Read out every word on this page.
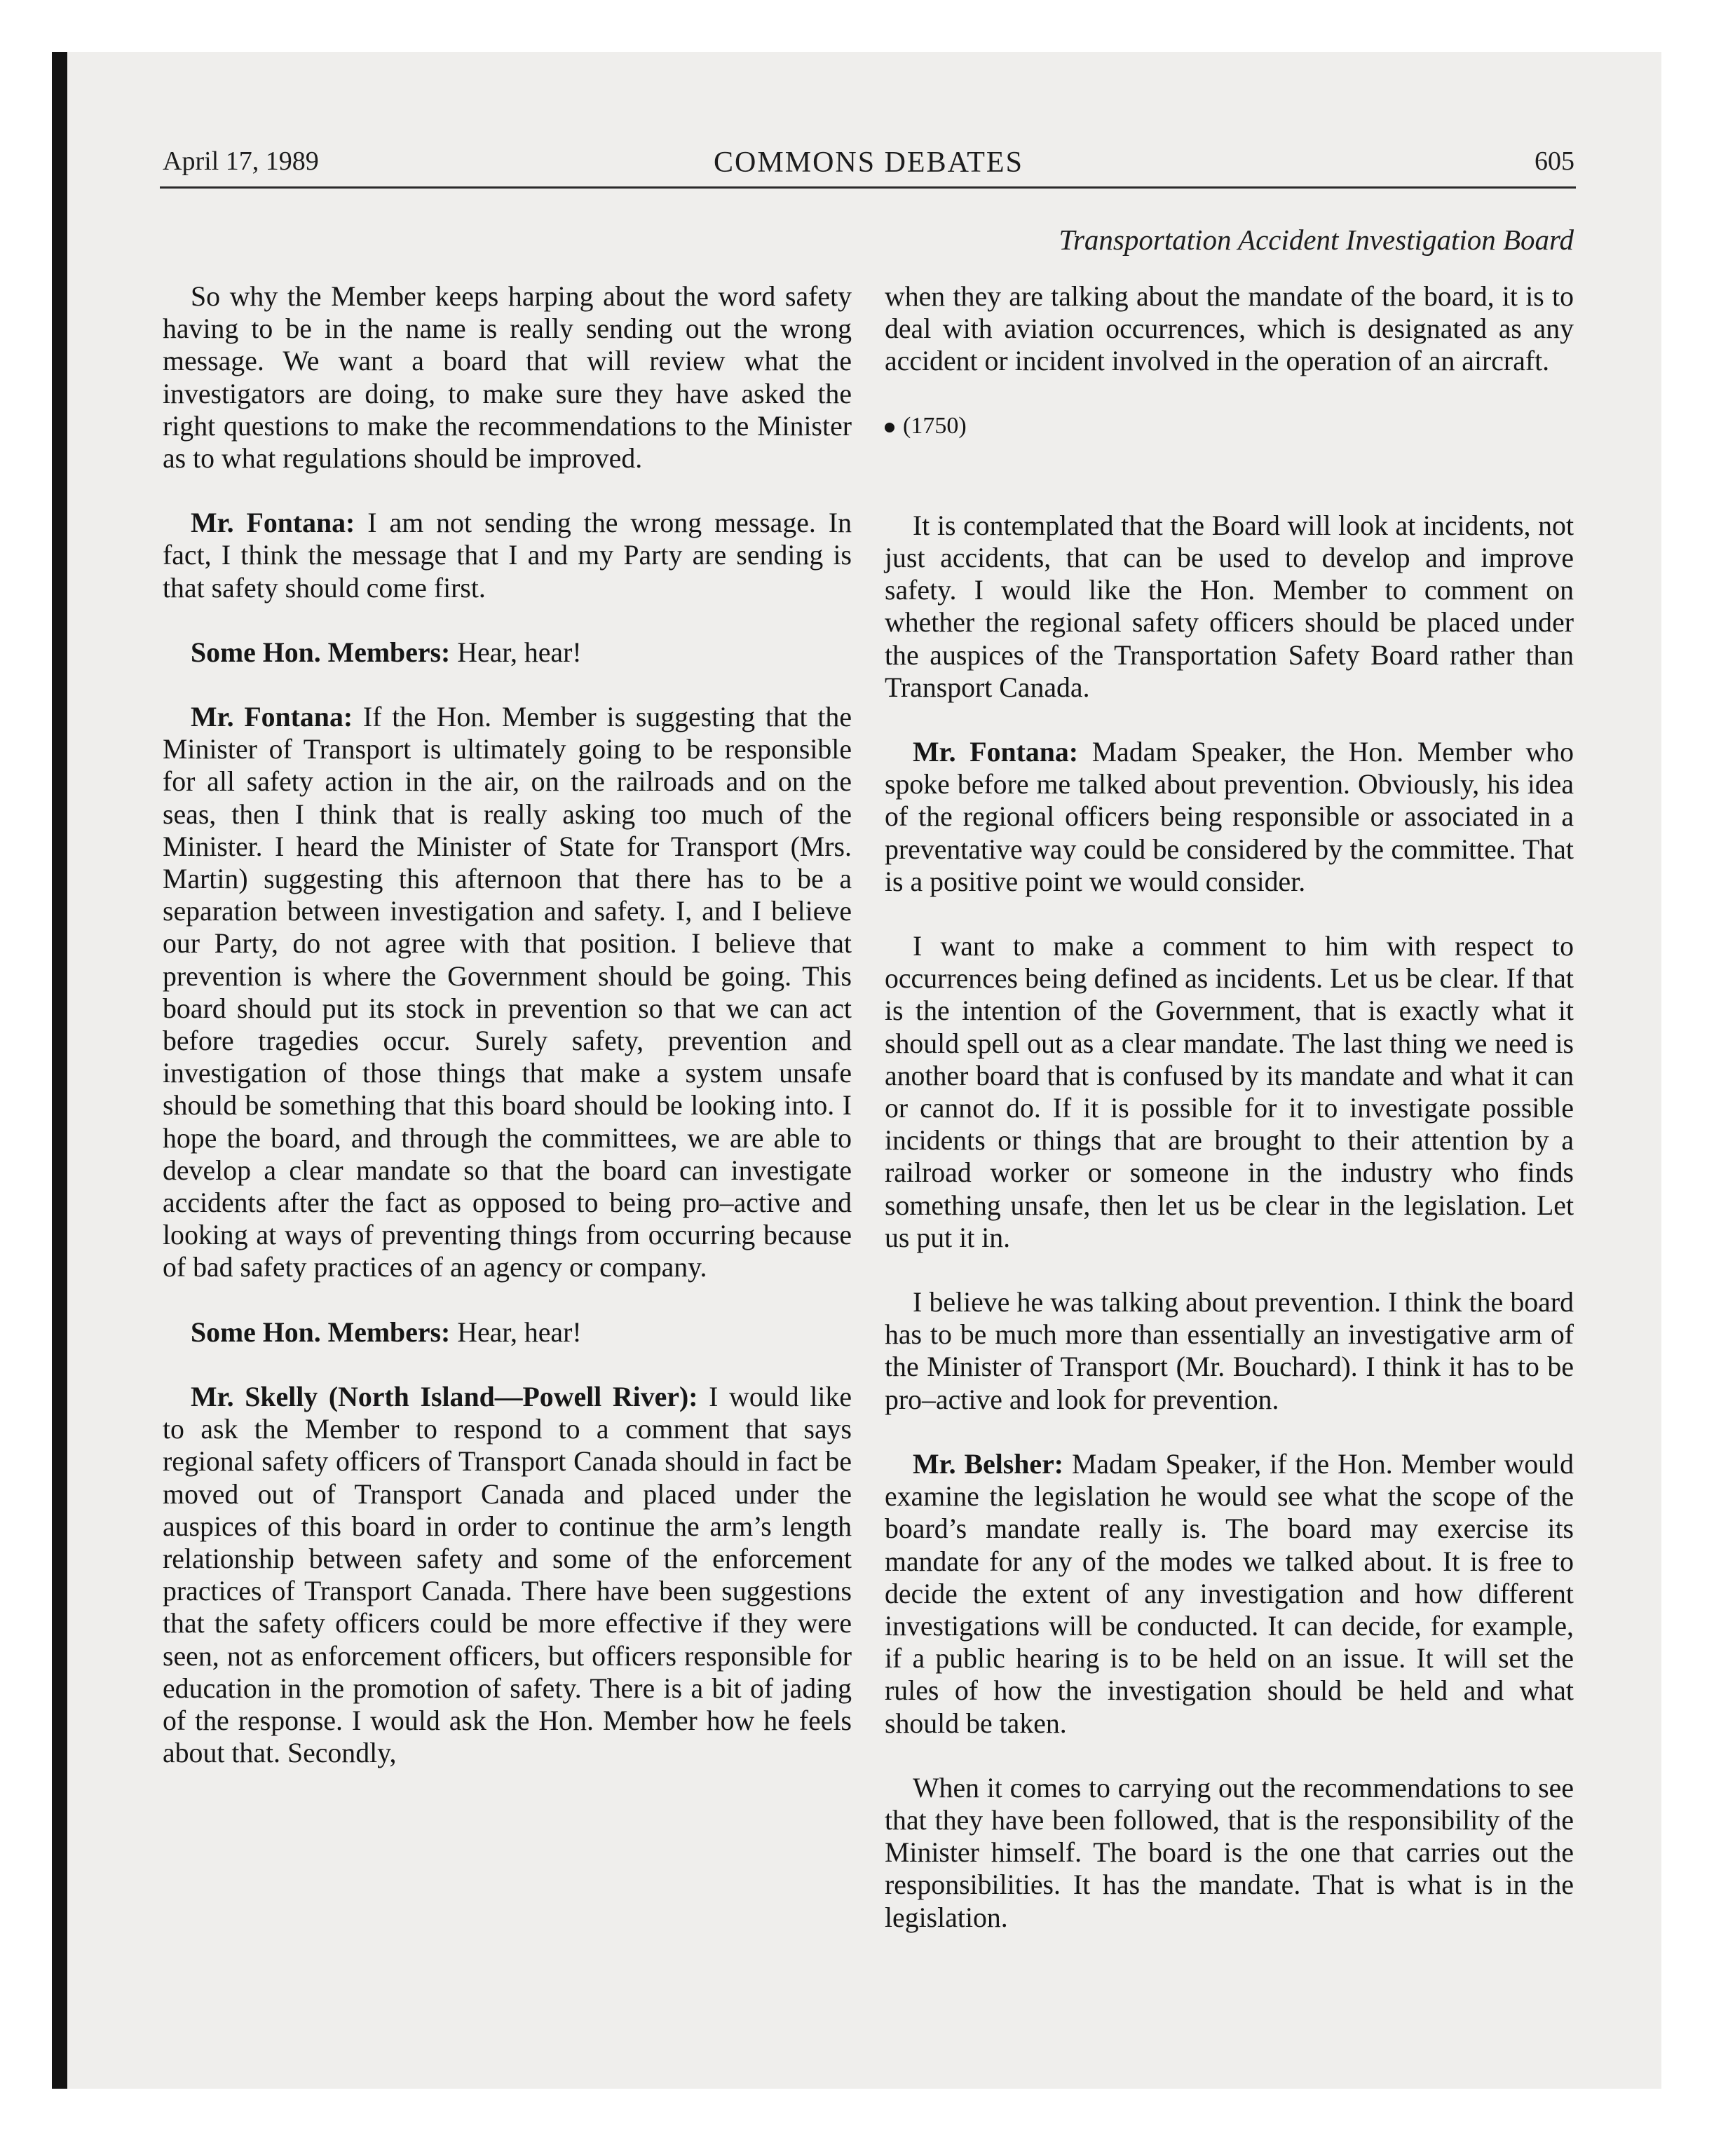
April 17, 1989	COMMONS DEBATES	605
Transportation Accident Investigation Board

So why the Member keeps harping about the word safety having to be in the name is really sending out the wrong message. We want a board that will review what the investigators are doing, to make sure they have asked the right questions to make the recommendations to the Minister as to what regulations should be improved.

Mr. Fontana: I am not sending the wrong message. In fact, I think the message that I and my Party are sending is that safety should come first.

Some Hon. Members: Hear, hear!

Mr. Fontana: If the Hon. Member is suggesting that the Minister of Transport is ultimately going to be responsible for all safety action in the air, on the railroads and on the seas, then I think that is really asking too much of the Minister. I heard the Minister of State for Transport (Mrs. Martin) suggesting this afternoon that there has to be a separation between investigation and safety. I, and I believe our Party, do not agree with that position. I believe that prevention is where the Government should be going. This board should put its stock in prevention so that we can act before tragedies occur. Surely safety, prevention and investigation of those things that make a system unsafe should be something that this board should be looking into. I hope the board, and through the committees, we are able to develop a clear mandate so that the board can investigate accidents after the fact as opposed to being pro–active and looking at ways of preventing things from occurring because of bad safety practices of an agency or company.

Some Hon. Members: Hear, hear!

Mr. Skelly (North Island—Powell River): I would like to ask the Member to respond to a comment that says regional safety officers of Transport Canada should in fact be moved out of Transport Canada and placed under the auspices of this board in order to continue the arm’s length relationship between safety and some of the enforcement practices of Transport Canada. There have been suggestions that the safety officers could be more effective if they were seen, not as enforcement officers, but officers responsible for education in the promotion of safety. There is a bit of jading of the response. I would ask the Hon. Member how he feels about that. Secondly,

when they are talking about the mandate of the board, it is to deal with aviation occurrences, which is designated as any accident or incident involved in the operation of an aircraft.

(1750)

It is contemplated that the Board will look at incidents, not just accidents, that can be used to develop and improve safety. I would like the Hon. Member to comment on whether the regional safety officers should be placed under the auspices of the Transportation Safety Board rather than Transport Canada.

Mr. Fontana: Madam Speaker, the Hon. Member who spoke before me talked about prevention. Obviously, his idea of the regional officers being responsible or associated in a preventative way could be considered by the committee. That is a positive point we would consider.

I want to make a comment to him with respect to occurrences being defined as incidents. Let us be clear. If that is the intention of the Government, that is exactly what it should spell out as a clear mandate. The last thing we need is another board that is confused by its mandate and what it can or cannot do. If it is possible for it to investigate possible incidents or things that are brought to their attention by a railroad worker or someone in the industry who finds something unsafe, then let us be clear in the legislation. Let us put it in.

I believe he was talking about prevention. I think the board has to be much more than essentially an investigative arm of the Minister of Transport (Mr. Bouchard). I think it has to be pro–active and look for prevention.

Mr. Belsher: Madam Speaker, if the Hon. Member would examine the legislation he would see what the scope of the board’s mandate really is. The board may exercise its mandate for any of the modes we talked about. It is free to decide the extent of any investigation and how different investigations will be conducted. It can decide, for example, if a public hearing is to be held on an issue. It will set the rules of how the investigation should be held and what should be taken.

When it comes to carrying out the recommendations to see that they have been followed, that is the responsibility of the Minister himself. The board is the one that carries out the responsibilities. It has the mandate. That is what is in the legislation.
